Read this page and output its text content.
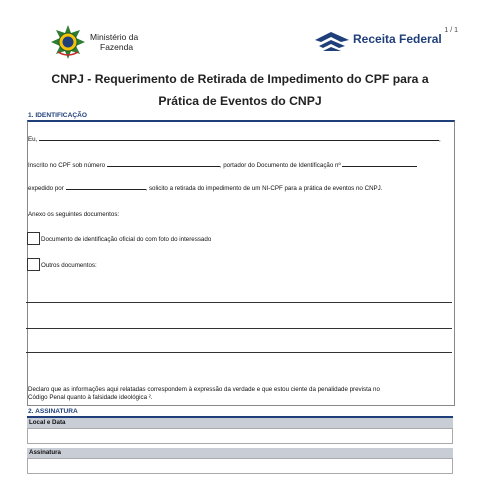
1 / 1
Ministério da
Fazenda
Receita Federal
CNPJ - Requerimento de Retirada de Impedimento do CPF para a
Prática de Eventos do CNPJ
1. IDENTIFICAÇÃO
Eu,	,
Inscrito no CPF sob número	, portador do Documento de Identificação nº
expedido por	, solicito a retirada do impedimento de um NI-CPF para a prática de eventos no CNPJ.
Anexo os seguintes documentos:
Documento de identificação oficial do com foto do interessado
Outros documentos:
Declaro que as informações aqui relatadas correspondem à expressão da verdade e que estou ciente da penalidade prevista no
Código Penal quanto à falsidade ideológica ².
2. ASSINATURA
Local e Data
Assinatura
